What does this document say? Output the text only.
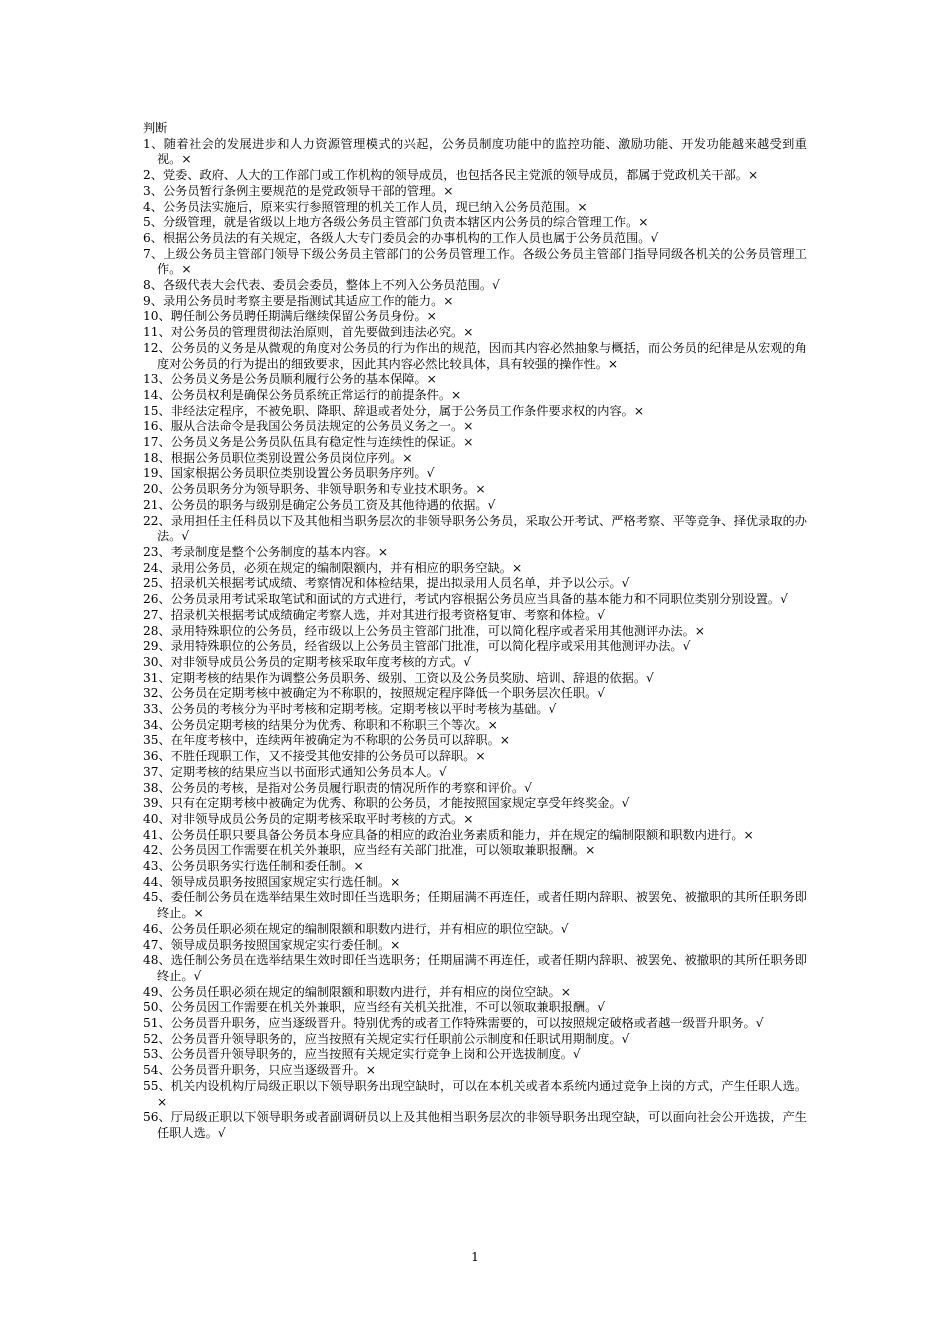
判断

1、随着社会的发展进步和人力资源管理模式的兴起，公务员制度功能中的监控功能、激励功能、开发功能越来越受到重视。×
2、党委、政府、人大的工作部门或工作机构的领导成员，也包括各民主党派的领导成员，都属于党政机关干部。×
3、公务员暂行条例主要规范的是党政领导干部的管理。×
4、公务员法实施后，原来实行参照管理的机关工作人员，现已纳入公务员范围。×
5、分级管理，就是省级以上地方各级公务员主管部门负责本辖区内公务员的综合管理工作。×
6、根据公务员法的有关规定，各级人大专门委员会的办事机构的工作人员也属于公务员范围。√
7、上级公务员主管部门领导下级公务员主管部门的公务员管理工作。各级公务员主管部门指导同级各机关的公务员管理工作。×
8、各级代表大会代表、委员会委员，整体上不列入公务员范围。√
9、录用公务员时考察主要是指测试其适应工作的能力。×
10、聘任制公务员聘任期满后继续保留公务员身份。×
11、对公务员的管理贯彻法治原则，首先要做到违法必究。×
12、公务员的义务是从微观的角度对公务员的行为作出的规范，因而其内容必然抽象与概括，而公务员的纪律是从宏观的角度对公务员的行为提出的细致要求，因此其内容必然比较具体，具有较强的操作性。×
13、公务员义务是公务员顺利履行公务的基本保障。×
14、公务员权利是确保公务员系统正常运行的前提条件。×
15、非经法定程序，不被免职、降职、辞退或者处分，属于公务员工作条件要求权的内容。×
16、服从合法命令是我国公务员法规定的公务员义务之一。×
17、公务员义务是公务员队伍具有稳定性与连续性的保证。×
18、根据公务员职位类别设置公务员岗位序列。×
19、国家根据公务员职位类别设置公务员职务序列。√
20、公务员职务分为领导职务、非领导职务和专业技术职务。×
21、公务员的职务与级别是确定公务员工资及其他待遇的依据。√
22、录用担任主任科员以下及其他相当职务层次的非领导职务公务员，采取公开考试、严格考察、平等竞争、择优录取的办法。√
23、考录制度是整个公务制度的基本内容。×
24、录用公务员，必须在规定的编制限额内，并有相应的职务空缺。×
25、招录机关根据考试成绩、考察情况和体检结果，提出拟录用人员名单，并予以公示。√
26、公务员录用考试采取笔试和面试的方式进行，考试内容根据公务员应当具备的基本能力和不同职位类别分别设置。√
27、招录机关根据考试成绩确定考察人选，并对其进行报考资格复审、考察和体检。√
28、录用特殊职位的公务员，经市级以上公务员主管部门批准，可以简化程序或者采用其他测评办法。×
29、录用特殊职位的公务员，经省级以上公务员主管部门批准，可以简化程序或采用其他测评办法。√
30、对非领导成员公务员的定期考核采取年度考核的方式。√
31、定期考核的结果作为调整公务员职务、级别、工资以及公务员奖励、培训、辞退的依据。√
32、公务员在定期考核中被确定为不称职的，按照规定程序降低一个职务层次任职。√
33、公务员的考核分为平时考核和定期考核。定期考核以平时考核为基础。√
34、公务员定期考核的结果分为优秀、称职和不称职三个等次。×
35、在年度考核中，连续两年被确定为不称职的公务员可以辞职。×
36、不胜任现职工作，又不接受其他安排的公务员可以辞职。×
37、定期考核的结果应当以书面形式通知公务员本人。√
38、公务员的考核，是指对公务员履行职责的情况所作的考察和评价。√
39、只有在定期考核中被确定为优秀、称职的公务员，才能按照国家规定享受年终奖金。√
40、对非领导成员公务员的定期考核采取平时考核的方式。×
41、公务员任职只要具备公务员本身应具备的相应的政治业务素质和能力，并在规定的编制限额和职数内进行。×
42、公务员因工作需要在机关外兼职，应当经有关部门批准，可以领取兼职报酬。×
43、公务员职务实行选任制和委任制。×
44、领导成员职务按照国家规定实行选任制。×
45、委任制公务员在选举结果生效时即任当选职务；任期届满不再连任，或者任期内辞职、被罢免、被撤职的其所任职务即终止。×
46、公务员任职必须在规定的编制限额和职数内进行，并有相应的职位空缺。√
47、领导成员职务按照国家规定实行委任制。×
48、选任制公务员在选举结果生效时即任当选职务；任期届满不再连任，或者任期内辞职、被罢免、被撤职的其所任职务即终止。√
49、公务员任职必须在规定的编制限额和职数内进行，并有相应的岗位空缺。×
50、公务员因工作需要在机关外兼职，应当经有关机关批准，不可以领取兼职报酬。√
51、公务员晋升职务，应当逐级晋升。特别优秀的或者工作特殊需要的，可以按照规定破格或者越一级晋升职务。√
52、公务员晋升领导职务的，应当按照有关规定实行任职前公示制度和任职试用期制度。√
53、公务员晋升领导职务的，应当按照有关规定实行竞争上岗和公开选拔制度。√
54、公务员晋升职务，只应当逐级晋升。×
55、机关内设机构厅局级正职以下领导职务出现空缺时，可以在本机关或者本系统内通过竞争上岗的方式，产生任职人选。×
56、厅局级正职以下领导职务或者副调研员以上及其他相当职务层次的非领导职务出现空缺，可以面向社会公开选拔，产生任职人选。√
1
